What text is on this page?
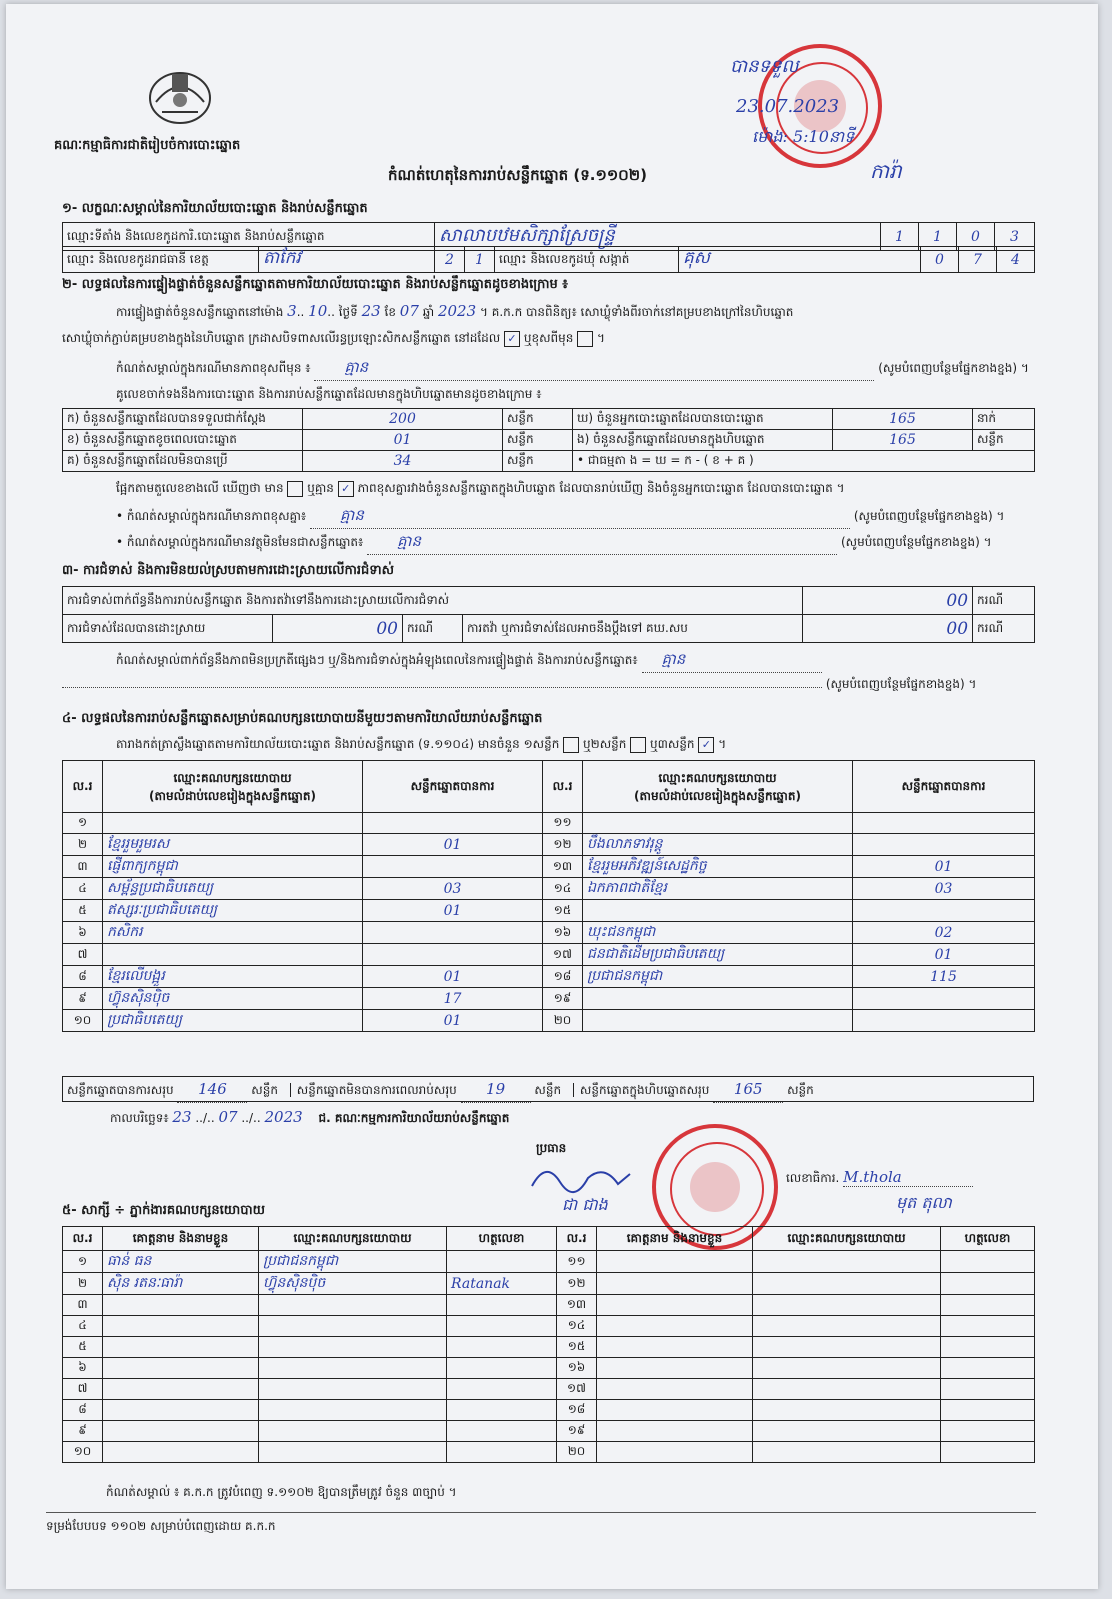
គណៈកម្មាធិការជាតិរៀបចំការបោះឆ្នោត
បានទទួល
23.07.2023
ម៉ោង: 5:10នាទី
ការ៉ា
កំណត់ហេតុនៃការរាប់សន្លឹកឆ្នោត (ទ.១១០២)
១- លក្ខណៈសម្គាល់នៃការិយាល័យបោះឆ្នោត និងរាប់សន្លឹកឆ្នោត
ឈ្មោះទីតាំង និងលេខកូដការិ.បោះឆ្នោត និងរាប់សន្លឹកឆ្នោត	សាលាបឋមសិក្សាស្រែចន្ទ្រី	1	1	0	3
ឈ្មោះ និងលេខកូដរាជធានី ខេត្ត	តាកែវ	2	1	ឈ្មោះ និងលេខកូដឃុំ សង្កាត់	គុស	0	7	4
២- លទ្ធផលនៃការផ្ទៀងផ្ទាត់ចំនួនសន្លឹកឆ្នោតតាមការិយាល័យបោះឆ្នោត និងរាប់សន្លឹកឆ្នោតដូចខាងក្រោម ៖
ការផ្ទៀងផ្ទាត់ចំនួនសន្លឹកឆ្នោតនៅម៉ោង 3.. 10.. ថ្ងៃទី 23 ខែ 07 ឆ្នាំ 2023 ។ គ.ក.ក បានពិនិត្យ៖ សោឃ្លុំទាំងពីរចាក់នៅគម្របខាងក្រៅនៃហិបឆ្នោត
សោឃ្លុំចាក់ភ្ជាប់គម្របខាងក្នុងនៃហិបឆ្នោត ក្រដាសបិទពាសលើរន្ធប្រឡោះសិកសន្លឹកឆ្នោត នៅដដែល ✓ ឬខុសពីមុន  ។
កំណត់សម្គាល់ក្នុងករណីមានភាពខុសពីមុន ៖ គ្មាន	(សូមបំពេញបន្ថែមផ្នែកខាងខ្នង) ។
គូលេខចាក់ទងនឹងការបោះឆ្នោត និងការរាប់សន្លឹកឆ្នោតដែលមានក្នុងហិបឆ្នោតមានដូចខាងក្រោម ៖
ក) ចំនួនសន្លឹកឆ្នោតដែលបានទទួលជាក់ស្តែង	200	សន្លឹក	ឃ) ចំនួនអ្នកបោះឆ្នោតដែលបានបោះឆ្នោត	165	នាក់
ខ) ចំនួនសន្លឹកឆ្នោតខូចពេលបោះឆ្នោត	01	សន្លឹក	ង) ចំនួនសន្លឹកឆ្នោតដែលមានក្នុងហិបឆ្នោត	165	សន្លឹក
គ) ចំនួនសន្លឹកឆ្នោតដែលមិនបានប្រើ	34	សន្លឹក	• ជាធម្មតា ង = ឃ = ក - ( ខ + គ )		
ផ្អែកតាមតួលេខខាងលើ ឃើញថា មាន ឬគ្មាន ✓ ភាពខុសគ្នារវាងចំនួនសន្លឹកឆ្នោតក្នុងហិបឆ្នោត ដែលបានរាប់ឃើញ និងចំនួនអ្នកបោះឆ្នោត ដែលបានបោះឆ្នោត ។
• កំណត់សម្គាល់ក្នុងករណីមានភាពខុសគ្នា៖ គ្មាន	(សូមបំពេញបន្ថែមផ្នែកខាងខ្នង) ។
• កំណត់សម្គាល់ក្នុងករណីមានវត្ថុមិនមែនជាសន្លឹកឆ្នោត៖ គ្មាន	(សូមបំពេញបន្ថែមផ្នែកខាងខ្នង) ។
៣- ការជំទាស់ និងការមិនយល់ស្របតាមការដោះស្រាយលើការជំទាស់
ការជំទាស់ពាក់ព័ន្ធនឹងការរាប់សន្លឹកឆ្នោត និងការតវ៉ាទៅនឹងការដោះស្រាយលើការជំទាស់				00	ករណី
ការជំទាស់ដែលបានដោះស្រាយ	00	ករណី	ការតវ៉ា ឬការជំទាស់ដែលអាចនឹងប្តឹងទៅ គឃ.សប	00	ករណី
កំណត់សម្គាល់ពាក់ព័ន្ធនឹងភាពមិនប្រក្រតីផ្សេងៗ ឬ/និងការជំទាស់ក្នុងអំឡុងពេលនៃការផ្ទៀងផ្ទាត់ និងការរាប់សន្លឹកឆ្នោត៖ គ្មាន
(សូមបំពេញបន្ថែមផ្នែកខាងខ្នង) ។
៤- លទ្ធផលនៃការរាប់សន្លឹកឆ្នោតសម្រាប់គណបក្សនយោបាយនីមួយៗតាមការិយាល័យរាប់សន្លឹកឆ្នោត
តារាងកត់ត្រាស្លឹងឆ្នោតតាមការិយាល័យបោះឆ្នោត និងរាប់សន្លឹកឆ្នោត (ទ.១១០៤) មានចំនួន ១សន្លឹក ឬ២សន្លឹក ឬ៣សន្លឹក ✓ ។
ល.រ	ឈ្មោះគណបក្សនយោបាយ
(តាមលំដាប់លេខរៀងក្នុងសន្លឹកឆ្នោត)	សន្លឹកឆ្នោតបានការ	ល.រ	ឈ្មោះគណបក្សនយោបាយ
(តាមលំដាប់លេខរៀងក្នុងសន្លឹកឆ្នោត)	សន្លឹកឆ្នោតបានការ
១			១១		
២	ខ្មែររួមរួមរស	01	១២	បឹងលាភទាវរុន្តូ	
៣	ផ្ញើពាក្យកម្ពុជា		១៣	ខ្មែររួមអភិវឌ្ឍន៍សេដ្ឋកិច្ច	01
៤	សម្ព័ន្ធប្រជាធិបតេយ្យ	03	១៤	ឯកភាពជាតិខ្មែរ	03
៥	ឥស្សរៈប្រជាធិបតេយ្យ	01	១៥		
៦	កសិករ		១៦	ឃុះជនកម្ពុជា	02
៧			១៧	ជនជាតិដើមប្រជាធិបតេយ្យ	01
៨	ខ្មែរលើបង្អួរ	01	១៨	ប្រជាជនកម្ពុជា	115
៩	ហ៊្វុនស៊ិនប៉ិច	17	១៩		
១០	ប្រជាធិបតេយ្យ	01	២០		
សន្លឹកឆ្នោតបានការសរុប 146 សន្លឹក សន្លឹកឆ្នោតមិនបានការពេលរាប់សរុប 19 សន្លឹក សន្លឹកឆ្នោតក្នុងហិបឆ្នោតសរុប 165 សន្លឹក
កាលបរិច្ឆេទ៖ 23 ../.. 07 ../.. 2023 ជ. គណៈកម្មការការិយាល័យរាប់សន្លឹកឆ្នោត
ប្រធាន
ជា ជាង
លេខាធិការ. M.thola
មុត តុលា
៥- សាក្សី ÷ ភ្នាក់ងារគណបក្សនយោបាយ
ល.រ	គោត្តនាម និងនាមខ្លួន	ឈ្មោះគណបក្សនយោបាយ	ហត្ថលេខា	ល.រ	គោត្តនាម និងនាមខ្លួន	ឈ្មោះគណបក្សនយោបាយ	ហត្ថលេខា
១	ធាន់ ធន	ប្រជាជនកម្ពុជា		១១			
២	ស៊ិន រតនៈធារ៉ា	ហ៊្វុនស៊ិនប៉ិច	Ratanak	១២			
៣				១៣			
៤				១៤			
៥				១៥			
៦				១៦			
៧				១៧			
៨				១៨			
៩				១៩			
១០				២០			
កំណត់សម្គាល់ ៖ គ.ក.ក ត្រូវបំពេញ ទ.១១០២ ឱ្យបានត្រឹមត្រូវ ចំនួន ៣ច្បាប់ ។
ទម្រង់បែបបទ ១១០២ សម្រាប់បំពេញដោយ គ.ក.ក
